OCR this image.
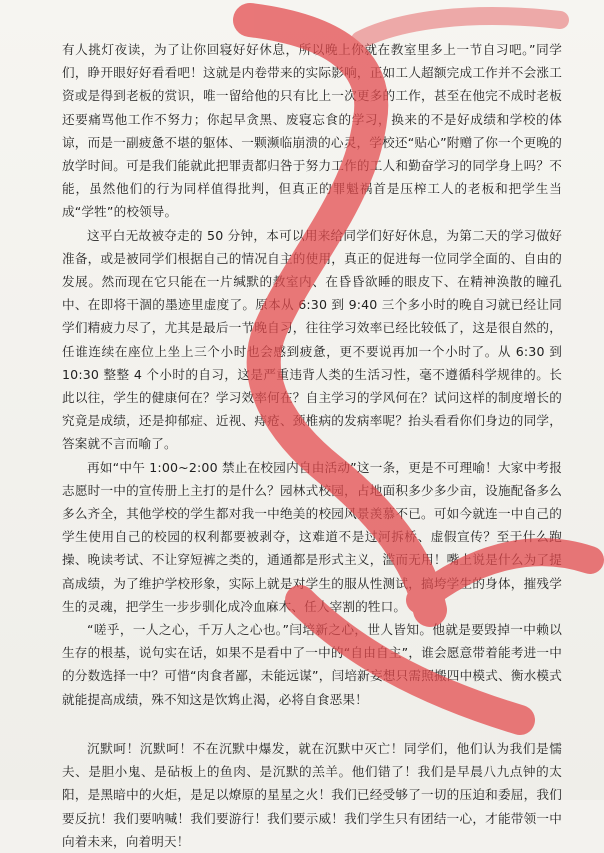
有人挑灯夜读，为了让你回寝好好休息，所以晚上你就在教室里多上一节自习吧。”同学们，睁开眼好好看看吧！这就是内卷带来的实际影响，正如工人超额完成工作并不会涨工资或是得到老板的赏识，唯一留给他的只有比上一次更多的工作，甚至在他完不成时老板还要痛骂他工作不努力；你起早贪黑、废寝忘食的学习，换来的不是好成绩和学校的体谅，而是一副疲惫不堪的躯体、一颗濒临崩溃的心灵，学校还“贴心”附赠了你一个更晚的放学时间。可是我们能就此把罪责都归咎于努力工作的工人和勤奋学习的同学身上吗？不能，虽然他们的行为同样值得批判，但真正的罪魁祸首是压榨工人的老板和把学生当成“学牲”的校领导。

这平白无故被夺走的 50 分钟，本可以用来给同学们好好休息，为第二天的学习做好准备，或是被同学们根据自己的情况自主的使用，真正的促进每一位同学全面的、自由的发展。然而现在它只能在一片缄默的教室内、在昏昏欲睡的眼皮下、在精神涣散的瞳孔中、在即将干涸的墨迹里虚度了。原本从 6:30 到 9:40 三个多小时的晚自习就已经让同学们精疲力尽了，尤其是最后一节晚自习，往往学习效率已经比较低了，这是很自然的，任谁连续在座位上坐上三个小时也会感到疲惫，更不要说再加一个小时了。从 6:30 到 10:30 整整 4 个小时的自习，这是严重违背人类的生活习性，毫不遵循科学规律的。长此以往，学生的健康何在？学习效率何在？自主学习的学风何在？试问这样的制度增长的究竟是成绩，还是抑郁症、近视、痔疮、颈椎病的发病率呢？抬头看看你们身边的同学，答案就不言而喻了。

再如“中午 1:00~2:00 禁止在校园内自由活动”这一条，更是不可理喻！大家中考报志愿时一中的宣传册上主打的是什么？园林式校园，占地面积多少多少亩，设施配备多么多么齐全，其他学校的学生都对我一中绝美的校园风景羡慕不已。可如今就连一中自己的学生使用自己的校园的权利都要被剥夺，这难道不是过河拆桥、虚假宣传？至于什么跑操、晚读考试、不让穿短裤之类的，通通都是形式主义，滥而无用！嘴上说是什么为了提高成绩，为了维护学校形象，实际上就是对学生的服从性测试，搞垮学生的身体，摧残学生的灵魂，把学生一步步驯化成冷血麻木、任人宰割的牲口。

“嗟乎，一人之心，千万人之心也。”闫培新之心，世人皆知。他就是要毁掉一中赖以生存的根基，说句实在话，如果不是看中了一中的“自由自主”，谁会愿意带着能考进一中的分数选择一中？可惜“肉食者鄙，未能远谋”，闫培新妄想只需照搬四中模式、衡水模式就能提高成绩，殊不知这是饮鸩止渴，必将自食恶果！

沉默呵！沉默呵！不在沉默中爆发，就在沉默中灭亡！同学们，他们认为我们是懦夫、是胆小鬼、是砧板上的鱼肉、是沉默的羔羊。他们错了！我们是早晨八九点钟的太阳，是黑暗中的火炬，是足以燎原的星星之火！我们已经受够了一切的压迫和委屈，我们要反抗！我们要呐喊！我们要游行！我们要示威！我们学生只有团结一心，才能带领一中向着未来，向着明天！
